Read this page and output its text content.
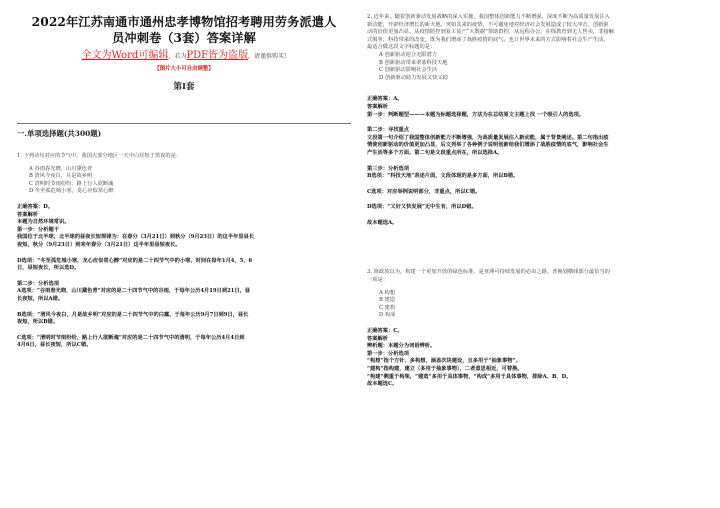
2022年江苏南通市通州忠孝博物馆招考聘用劳务派遣人
员冲刺卷（3套）答案详解
全文为Word可编辑，若为PDF皆为盗版，请谨慎购买!
【图片大小可自由调整】
第I套
一.单项选择题(共300题)

1. 下列诗句对应的节气中，我国大部分地区一天中白昼短于黑夜的是：

A 谷雨春光晓，山川黛色青

B 清风今夜白，月是故乡明

C 清明时节雨纷纷，路上行人欲断魂

D 冬至孤危城小寒，龙心应似常心醉

正确答案：D。

答案解析

本题为自然环境常识。

第一步：分析题干

我国位于北半球，北半球的昼夜长短规律为：在春分（3月21日）到秋分（9月23日）的这半年里昼长

夜短，秋分（9月23日）到来年春分（3月21日）这半年里昼短夜长。

D选项：“冬至孤危城小寒，龙心应似常心醉”对应的是二十四节气中的小寒，时间在每年1月4、5、6

日，昼短夜长，所以选D。

第二步：分析选项

A选项：“谷雨春光晓，山川黛色青”对应的是二十四节气中的谷雨，于每年公历4月19日到21日，昼

长夜短，所以A错。

B选项：“清风今夜白，月是故乡明”对应的是二十四节气中的白露，于每年公历9月7日到9日，昼长

夜短，所以B错。

C选项：“清明时节雨纷纷，路上行人欲断魂”对应的是二十四节气中的清明，于每年公历4月4日到

4月6日，昼长夜短，所以C错。

2. 近年来，随着创新驱动发展战略的深入实施，我国整体创新能力不断增强，深度不断为高质量发展注入

新动能，开辟经济增长的新天地。突如其来的疫情，不可避免地对经济社会发展造成了较大冲击，创新驱

动的价值更加凸显。从疫情防控到复工复产“大数据”帮助群控，从远程办公、在线教育到无人售卖，非接触

式服务，科技带来的改变，既为我们增添了战胜疫情的底气，也让世界未来的方式影响着社会生产生活。

最适合做这段文字标题的是：

A 创新驱动迎合无限潜力

B 创新驱动带来翠蓝科技天地

C 创新驱动影响社会生活

D 创新驱动助力发展又快又稳

正确答案：A。

答案解析

第一步：判断题型———本题为标题选择题，方法为在总结原文主题上找 一个吸引人的选项。

第二步：寻找重点

文段第一句介绍了我国整体创新能力不断增强，为高质量发展注入新动能，属于背景阐述。第二句指出疫

情使创新驱动的价值更加凸显，后文列举了各种例子说明创新给我们增添了战胜疫情的底气，影响社会生

产生活等多个方面。第二句是文段重点所在，所以选择A。

第三步：分析选项

B选项：“科技天地”表述片面，文段体现的是多方面，所以B错。

C选项：对应举例说明部分，非重点，所以C错。

D选项：“又好又快发展”无中生有，所以D错。

故本题选A。

3. 简政放以为，构建一个更加开放的绿色标准，是亚洲可持续发展的必由之路。普换划横线部分最恰当的

一项是：

A 构想

B 建造

C 建构

D 构成

正确答案：C。

答案解析

辨析题：本题分为词语辨析。

第一步：分析选项

“构想”指个方针、多构想，涵盖次块建设，且多用于“抽象事物”。

“建构”指构建，建立（多用于抽象事物），二者意思相近，可替换。

“构建”侧重于构架，“建造”多用于具体事物，“构成”多用于具体事物，排除A、B、D。

故本题选C。
